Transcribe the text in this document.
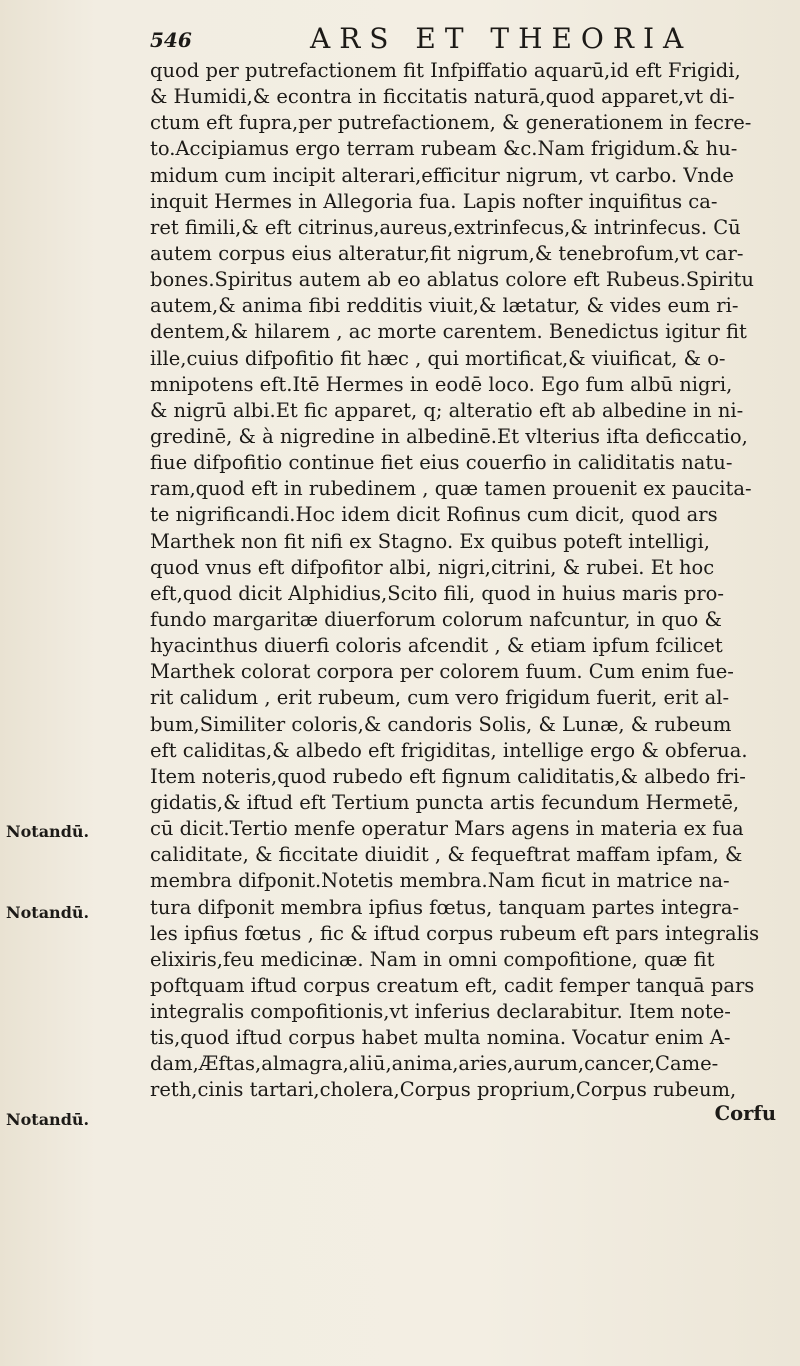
546	ARS ET THEORIA
quod per putrefactionem fit Infpiffatio aquarū,id eft Frigidi,
& Humidi,& econtra in ficcitatis naturā,quod apparet,vt di-
ctum eft fupra,per putrefactionem, & generationem in fecre-
to.Accipiamus ergo terram rubeam &c.Nam frigidum.& hu-
midum cum incipit alterari,efficitur nigrum, vt carbo. Vnde
inquit Hermes in Allegoria fua. Lapis nofter inquifitus ca-
ret fimili,& eft citrinus,aureus,extrinfecus,& intrinfecus. Cū
autem corpus eius alteratur,fit nigrum,& tenebrofum,vt car-
bones.Spiritus autem ab eo ablatus colore eft Rubeus.Spiritu
autem,& anima fibi redditis viuit,& lætatur, & vides eum ri-
dentem,& hilarem , ac morte carentem. Benedictus igitur fit
ille,cuius difpofitio fit hæc , qui mortificat,& viuificat, & o-
mnipotens eft.Itē Hermes in eodē loco. Ego fum albū nigri,
& nigrū albi.Et fic apparet, q; alteratio eft ab albedine in ni-
gredinē, & à nigredine in albedinē.Et vlterius ifta deficcatio,
fiue difpofitio continue fiet eius couerfio in caliditatis natu-
ram,quod eft in rubedinem , quæ tamen prouenit ex paucita-
te nigrificandi.Hoc idem dicit Rofinus cum dicit, quod ars
Marthek non fit nifi ex Stagno. Ex quibus poteft intelligi,
quod vnus eft difpofitor albi, nigri,citrini, & rubei. Et hoc
eft,quod dicit Alphidius,Scito fili, quod in huius maris pro-
fundo margaritæ diuerforum colorum nafcuntur, in quo &
hyacinthus diuerfi coloris afcendit , & etiam ipfum fcilicet
Marthek colorat corpora per colorem fuum. Cum enim fue-
rit calidum , erit rubeum, cum vero frigidum fuerit, erit al-
bum,Similiter coloris,& candoris Solis, & Lunæ, & rubeum
eft caliditas,& albedo eft frigiditas, intellige ergo & obferua.
Item noteris,quod rubedo eft fignum caliditatis,& albedo fri-
gidatis,& iftud eft Tertium puncta artis fecundum Hermetē,
cū dicit.Tertio menfe operatur Mars agens in materia ex fua
caliditate, & ficcitate diuidit , & fequeftrat maffam ipfam, &
membra difponit.Notetis membra.Nam ficut in matrice na-
tura difponit membra ipfius fœtus, tanquam partes integra-
les ipfius fœtus , fic & iftud corpus rubeum eft pars integralis
elixiris,feu medicinæ. Nam in omni compofitione, quæ fit
poftquam iftud corpus creatum eft, cadit femper tanquā pars
integralis compofitionis,vt inferius declarabitur. Item note-
tis,quod iftud corpus habet multa nomina. Vocatur enim A-
dam,Æftas,almagra,aliū,anima,aries,aurum,cancer,Came-
reth,cinis tartari,cholera,Corpus proprium,Corpus rubeum,
Notandū.
Notandū.
Notandū.	Corfu
